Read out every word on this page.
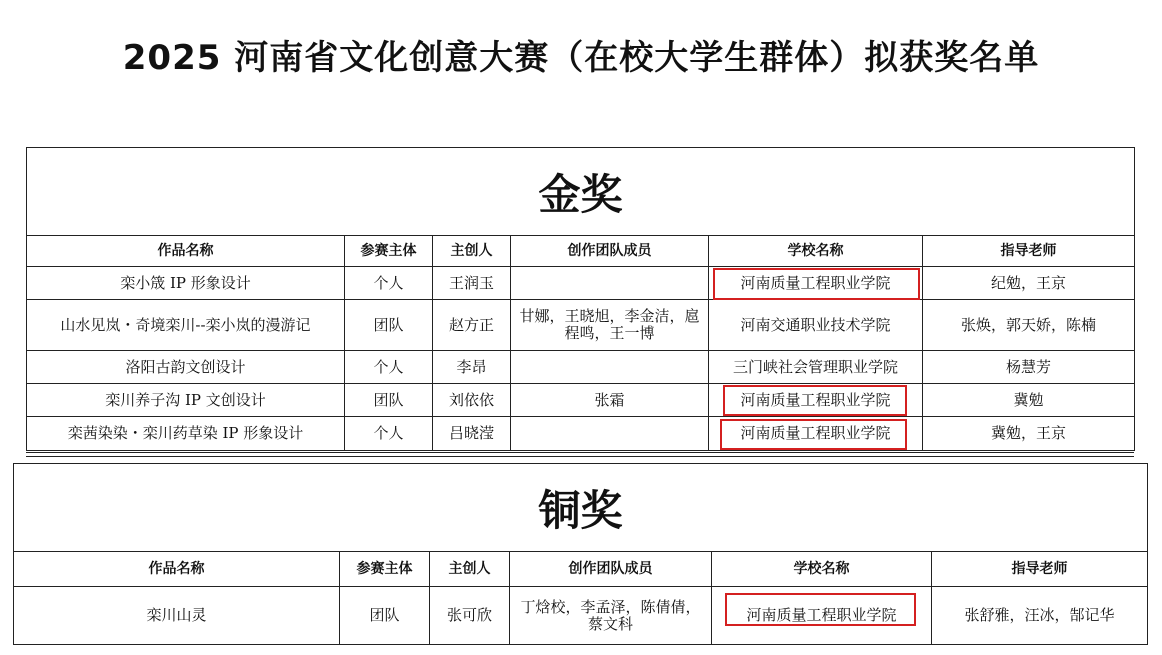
2025 河南省文化创意大赛（在校大学生群体）拟获奖名单
金奖
作品名称	参赛主体	主创人	创作团队成员	学校名称	指导老师
栾小筬 IP 形象设计	个人	王润玉		河南质量工程职业学院	纪勉，王京
山水见岚・奇境栾川--栾小岚的漫游记	团队	赵方正	甘娜，王晓旭，李金洁，扈程鸣，王一博	河南交通职业技术学院	张焕，郭天娇，陈楠
洛阳古韵文创设计	个人	李昂		三门峡社会管理职业学院	杨慧芳
栾川养子沟 IP 文创设计	团队	刘依依	张霜	河南质量工程职业学院	冀勉
栾茜染染・栾川药草染 IP 形象设计	个人	吕晓滢		河南质量工程职业学院	冀勉，王京
铜奖
作品名称	参赛主体	主创人	创作团队成员	学校名称	指导老师
栾川山灵	团队	张可欣	丁焓校，李孟泽，陈倩倩，蔡文科	河南质量工程职业学院	张舒雅，汪冰，郜记华
